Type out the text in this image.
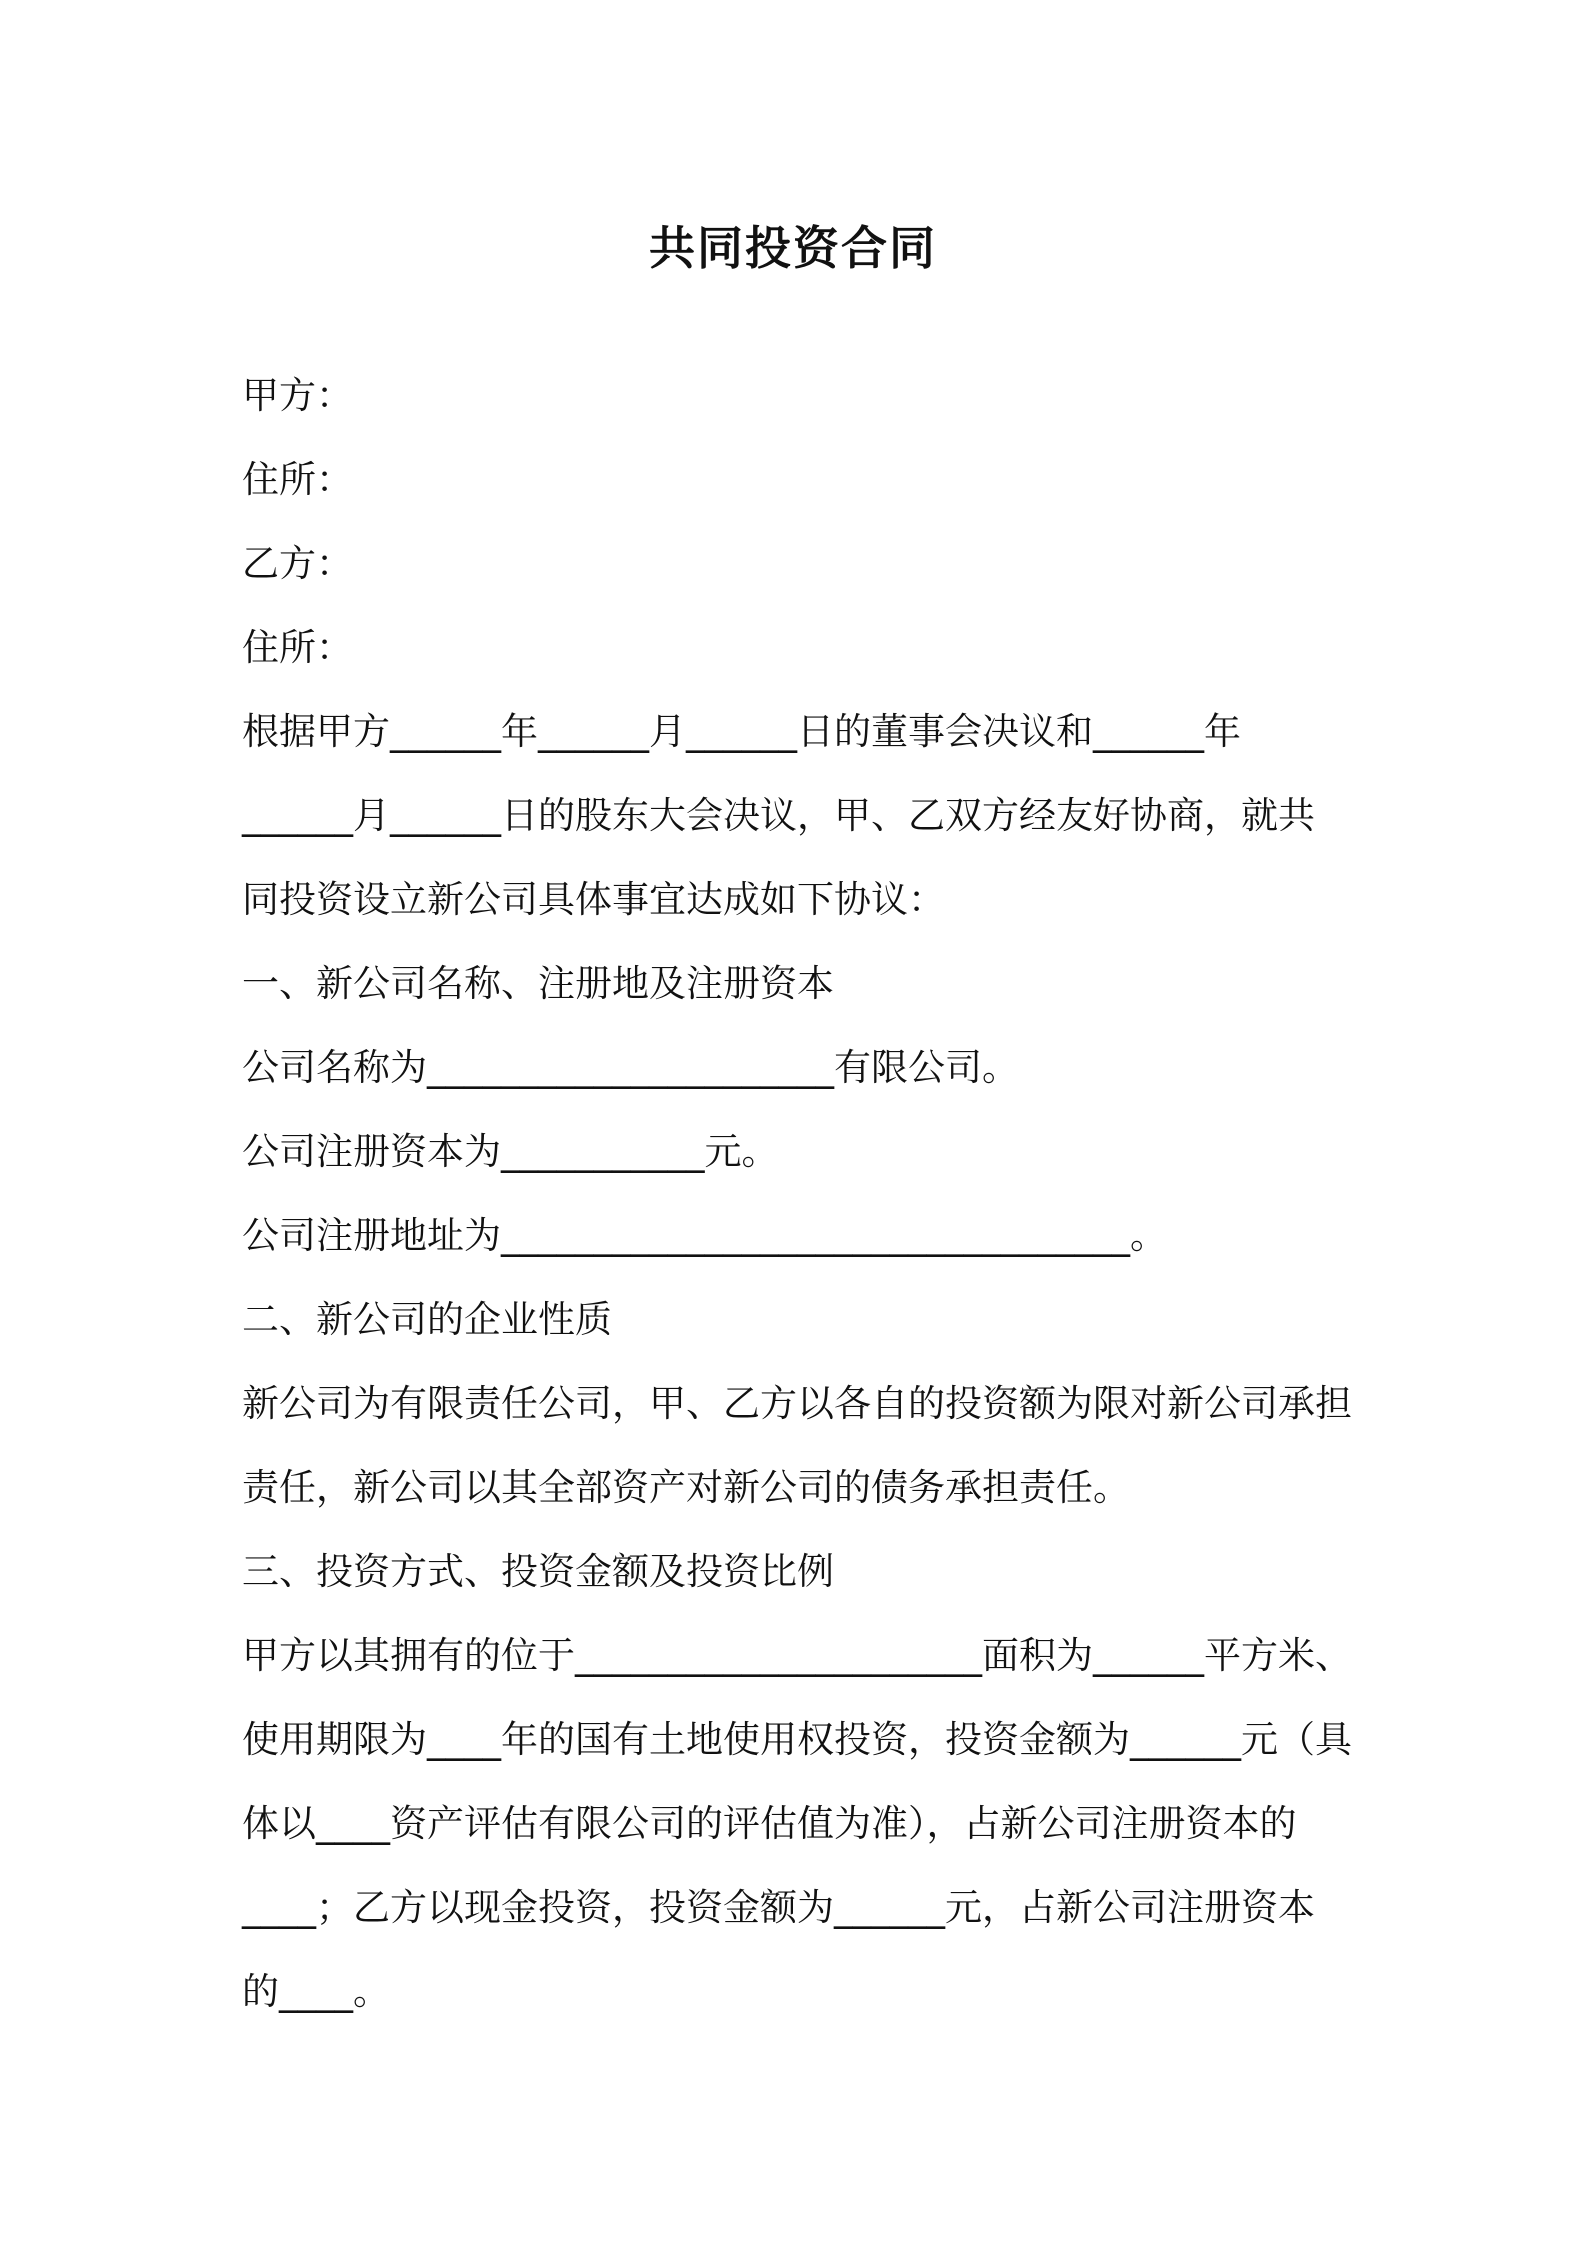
共同投资合同
甲方：
住所：
乙方：
住所：
根据甲方______年______月______日的董事会决议和______年
______月______日的股东大会决议，甲、乙双方经友好协商，就共
同投资设立新公司具体事宜达成如下协议：
一、新公司名称、注册地及注册资本
公司名称为______________________有限公司。
公司注册资本为___________元。
公司注册地址为__________________________________。
二、新公司的企业性质
新公司为有限责任公司，甲、乙方以各自的投资额为限对新公司承担
责任，新公司以其全部资产对新公司的债务承担责任。
三、投资方式、投资金额及投资比例
甲方以其拥有的位于______________________面积为______平方米、
使用期限为____年的国有土地使用权投资，投资金额为______元（具
体以____资产评估有限公司的评估值为准），占新公司注册资本的
____；乙方以现金投资，投资金额为______元，占新公司注册资本
的____。
